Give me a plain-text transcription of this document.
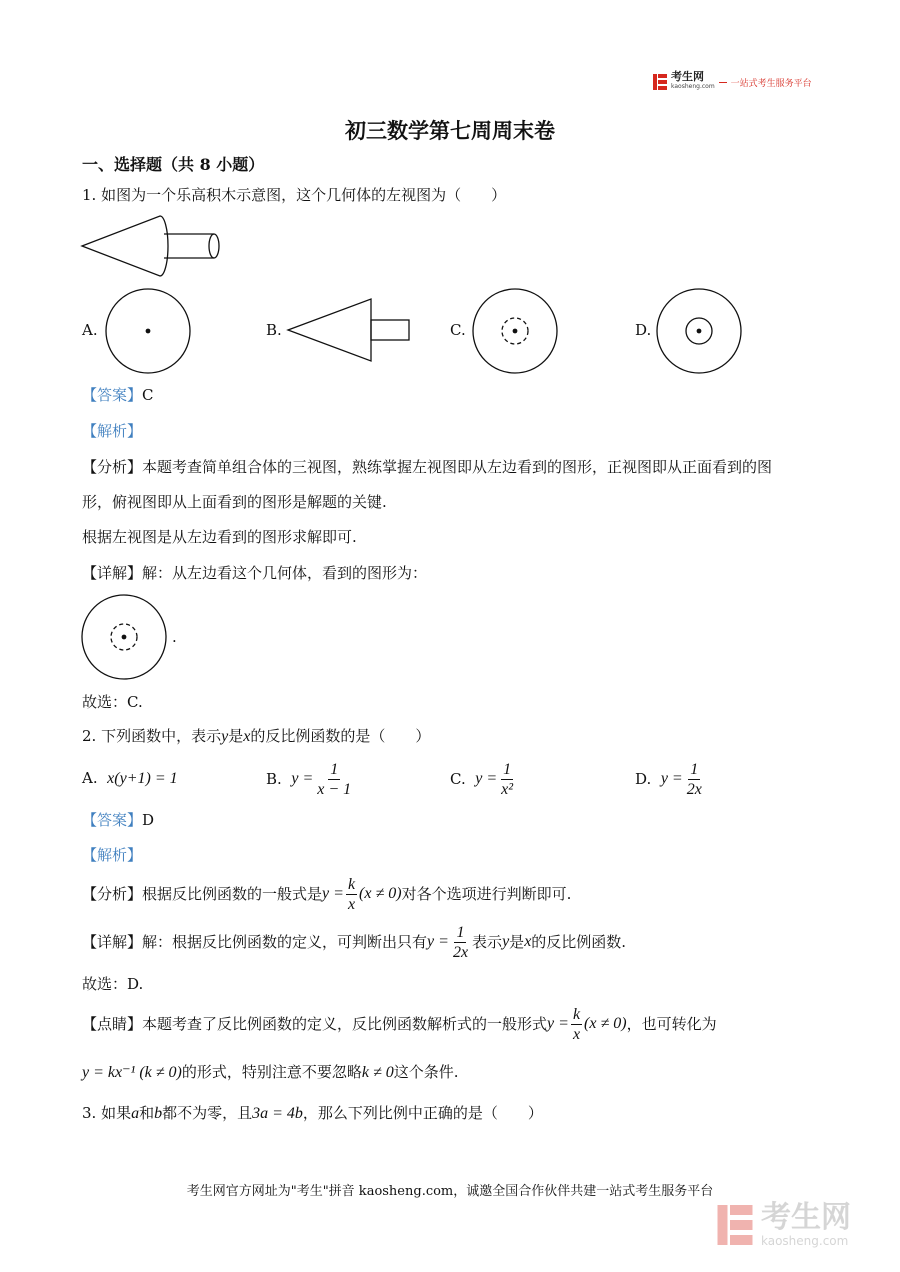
考生网
kaosheng.com 一站式考生服务平台
初三数学第七周周末卷
一、选择题（共 8 小题）
1. 如图为一个乐高积木示意图，这个几何体的左视图为（　　）
A.	B.	C.	D.
【答案】C
【解析】
【分析】本题考查简单组合体的三视图，熟练掌握左视图即从左边看到的图形，正视图即从正面看到的图
形，俯视图即从上面看到的图形是解题的关键.
根据左视图是从左边看到的图形求解即可.
【详解】解：从左边看这个几何体，看到的图形为：
.
故选：C.
2. 下列函数中，表示y是x的反比例函数的是（　　）
A. x(y+1) = 1	B.
$y = \frac{1}{x - 1}$	C.
$y = \frac{1}{\text{x²}}$	D.
$y = \frac{1}{2x}$
【答案】D
【解析】
【分析】 根据反比例函数的一般式是 $y = \frac{k}{x} (x \ne 0)$ 对各个选项进行判断即可.
【详解】 解：根据反比例函数的定义，可判断出只有 $y = \frac{1}{2x}$ 表示 y 是 x 的反比例函数.
故选：D.
【点睛】 本题考查了反比例函数的定义，反比例函数解析式的一般形式 $y = \frac{k}{x} (x \ne 0)$ ，也可转化为
y = kx⁻¹ (k ≠ 0)的形式，特别注意不要忽略k ≠ 0这个条件.
3. 如果a和b都不为零，且3a = 4b，那么下列比例中正确的是（　　）
考生网官方网址为"考生"拼音 kaosheng.com，诚邀全国合作伙伴共建一站式考生服务平台
考生网
kaosheng.com
